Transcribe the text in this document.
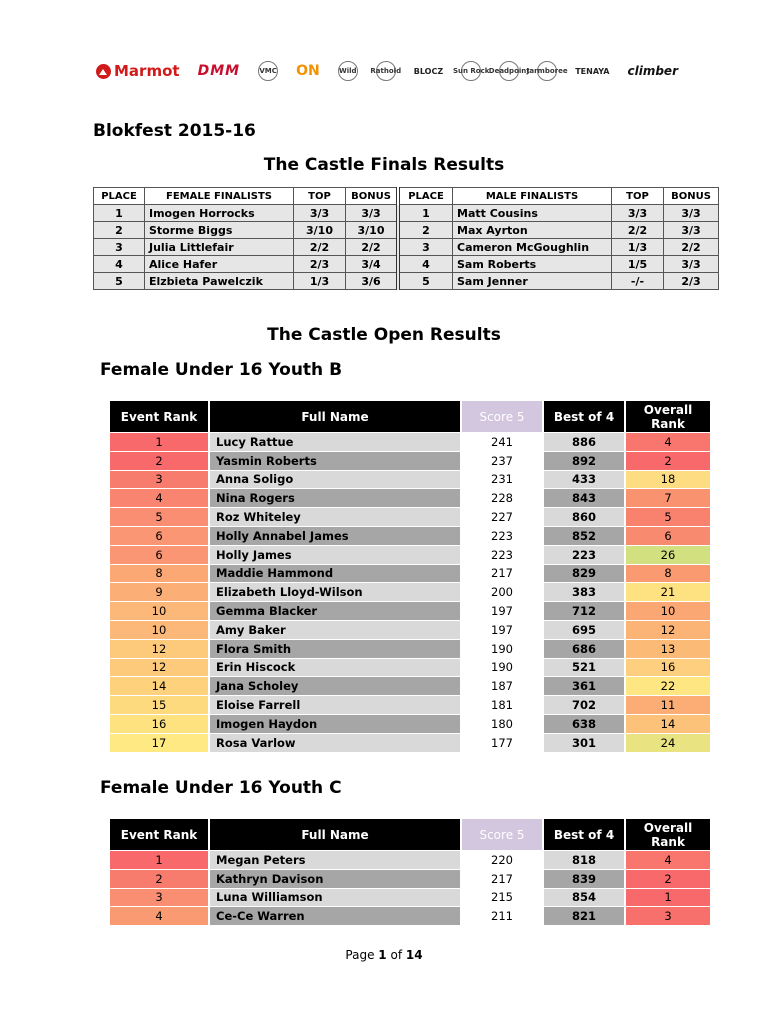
Marmot DMM	VMC ON	Wild Rathold BLOCZ Sun Rock Deadpoint
Jarmboree TENAYA climber
Blokfest 2015-16
The Castle Finals Results
PLACE	FEMALE FINALISTS	TOP	BONUS	PLACE	MALE FINALISTS	TOP	BONUS
1	Imogen Horrocks	3/3	3/3	1	Matt Cousins	3/3	3/3
2	Storme Biggs	3/10	3/10	2	Max Ayrton	2/2	3/3
3	Julia Littlefair	2/2	2/2	3	Cameron McGoughlin	1/3	2/2
4	Alice Hafer	2/3	3/4	4	Sam Roberts	1/5	3/3
5	Elzbieta Pawelczik	1/3	3/6	5	Sam Jenner	-/-	2/3
The Castle Open Results
Female Under 16 Youth B
Event Rank	Full Name	Score 5	Best of 4	Overall Rank
1	Lucy Rattue	241	886	4
2	Yasmin Roberts	237	892	2
3	Anna Soligo	231	433	18
4	Nina Rogers	228	843	7
5	Roz Whiteley	227	860	5
6	Holly Annabel James	223	852	6
6	Holly James	223	223	26
8	Maddie Hammond	217	829	8
9	Elizabeth Lloyd-Wilson	200	383	21
10	Gemma Blacker	197	712	10
10	Amy Baker	197	695	12
12	Flora Smith	190	686	13
12	Erin Hiscock	190	521	16
14	Jana Scholey	187	361	22
15	Eloise Farrell	181	702	11
16	Imogen Haydon	180	638	14
17	Rosa Varlow	177	301	24
Female Under 16 Youth C
Event Rank	Full Name	Score 5	Best of 4	Overall Rank
1	Megan Peters	220	818	4
2	Kathryn Davison	217	839	2
3	Luna Williamson	215	854	1
4	Ce-Ce Warren	211	821	3
Page 1 of 14
